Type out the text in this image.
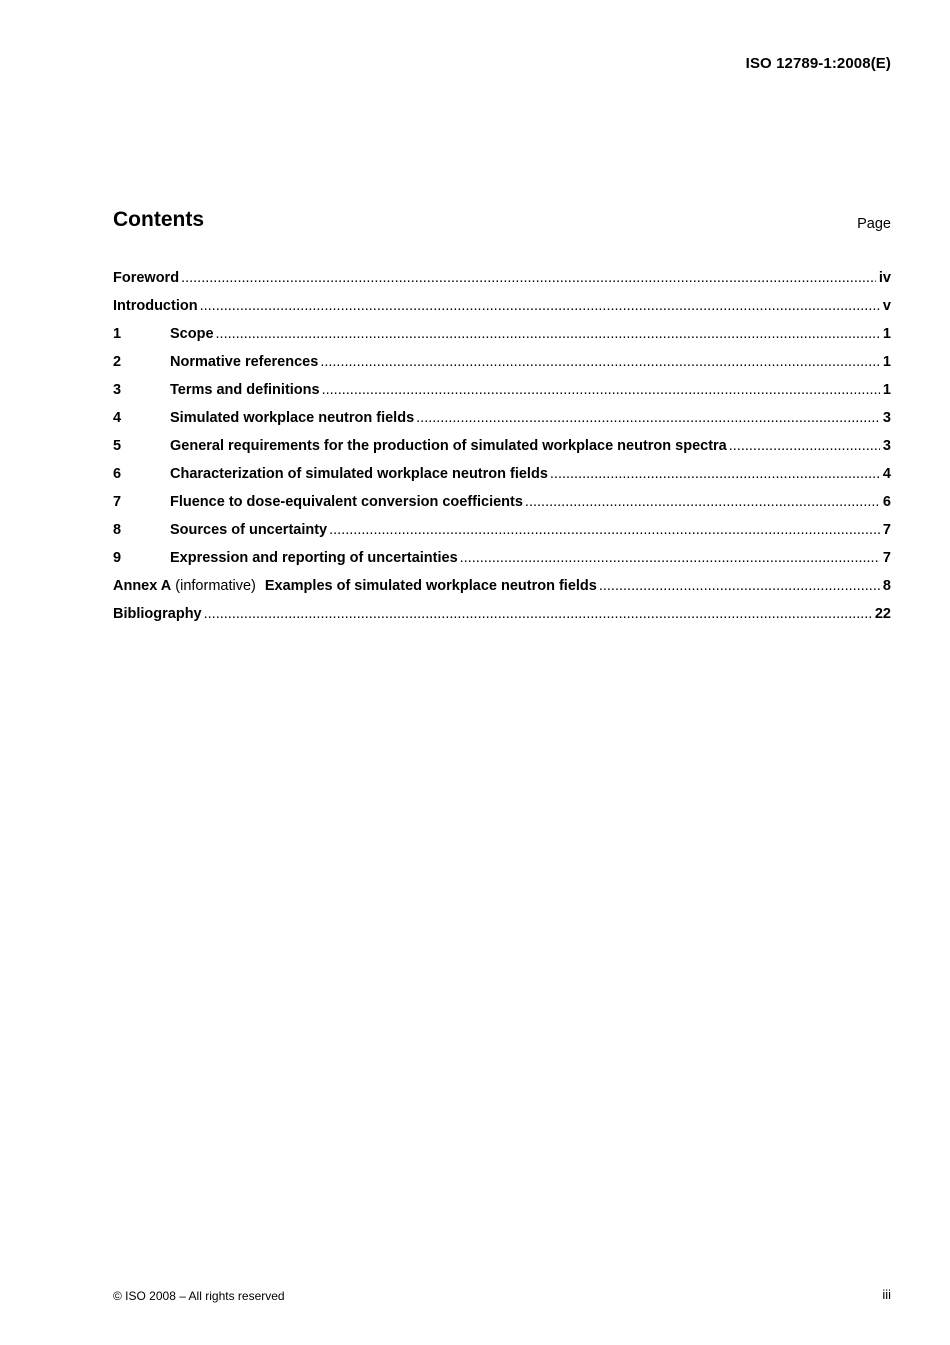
ISO 12789-1:2008(E)
Contents	Page
Foreword .....	iv
Introduction .....	v
1	Scope .....	1
2	Normative references .....	1
3	Terms and definitions .....	1
4	Simulated workplace neutron fields .....	3
5	General requirements for the production of simulated workplace neutron spectra .....	3
6	Characterization of simulated workplace neutron fields .....	4
7	Fluence to dose-equivalent conversion coefficients .....	6
8	Sources of uncertainty .....	7
9	Expression and reporting of uncertainties .....	7
Annex A (informative) Examples of simulated workplace neutron fields .....	8
Bibliography .....	22
© ISO 2008 – All rights reserved	iii
